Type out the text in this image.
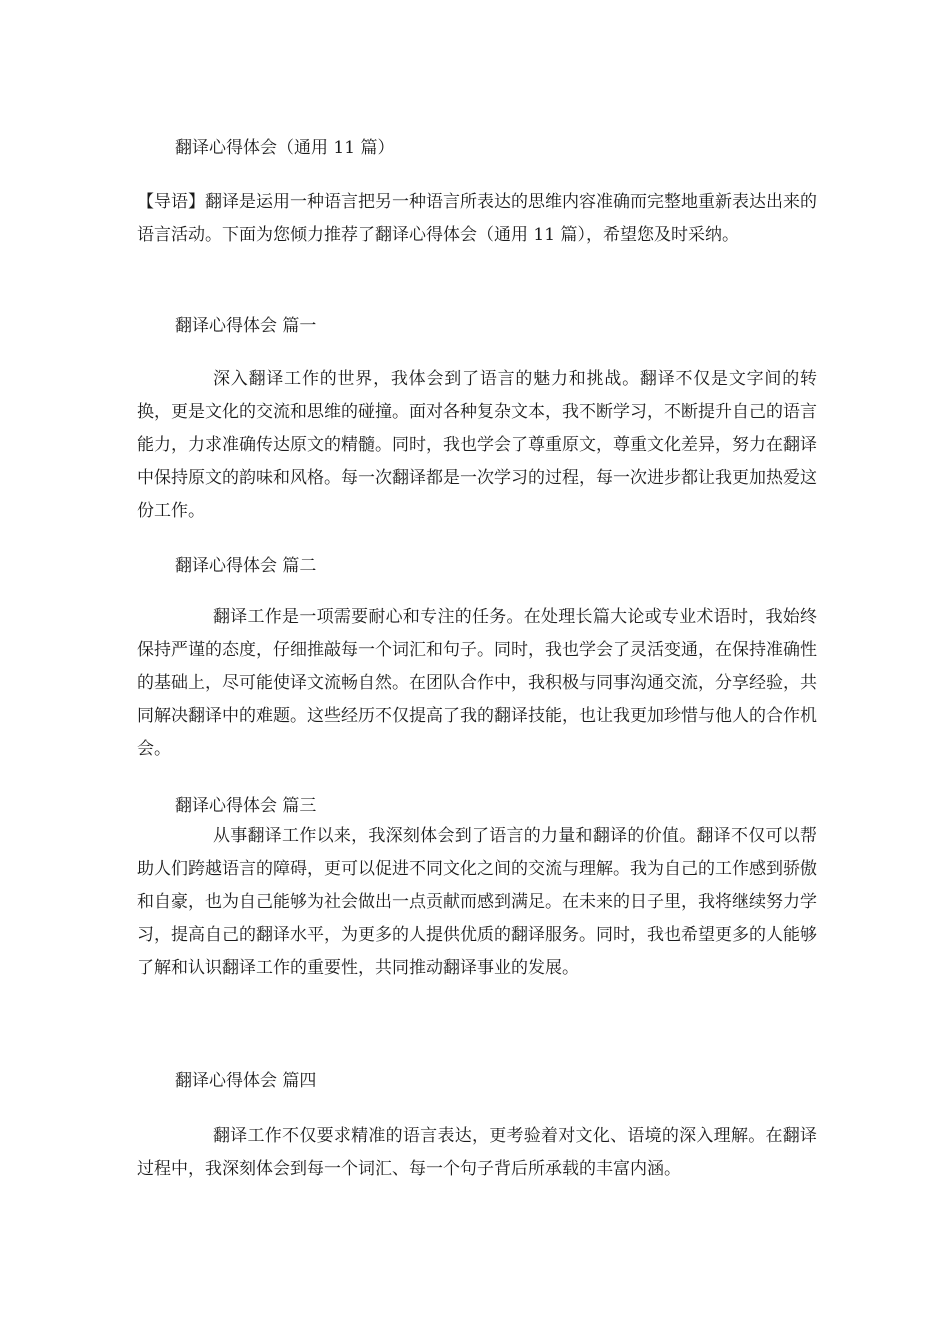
翻译心得体会（通用 11 篇）
【导语】翻译是运用一种语言把另一种语言所表达的思维内容准确而完整地重新表达出来的语言活动。下面为您倾力推荐了翻译心得体会（通用 11 篇），希望您及时采纳。
翻译心得体会 篇一
深入翻译工作的世界，我体会到了语言的魅力和挑战。翻译不仅是文字间的转换，更是文化的交流和思维的碰撞。面对各种复杂文本，我不断学习，不断提升自己的语言能力，力求准确传达原文的精髓。同时，我也学会了尊重原文，尊重文化差异，努力在翻译中保持原文的韵味和风格。每一次翻译都是一次学习的过程，每一次进步都让我更加热爱这份工作。
翻译心得体会 篇二
翻译工作是一项需要耐心和专注的任务。在处理长篇大论或专业术语时，我始终保持严谨的态度，仔细推敲每一个词汇和句子。同时，我也学会了灵活变通，在保持准确性的基础上，尽可能使译文流畅自然。在团队合作中，我积极与同事沟通交流，分享经验，共同解决翻译中的难题。这些经历不仅提高了我的翻译技能，也让我更加珍惜与他人的合作机会。
翻译心得体会 篇三
从事翻译工作以来，我深刻体会到了语言的力量和翻译的价值。翻译不仅可以帮助人们跨越语言的障碍，更可以促进不同文化之间的交流与理解。我为自己的工作感到骄傲和自豪，也为自己能够为社会做出一点贡献而感到满足。在未来的日子里，我将继续努力学习，提高自己的翻译水平，为更多的人提供优质的翻译服务。同时，我也希望更多的人能够了解和认识翻译工作的重要性，共同推动翻译事业的发展。
翻译心得体会 篇四
翻译工作不仅要求精准的语言表达，更考验着对文化、语境的深入理解。在翻译过程中，我深刻体会到每一个词汇、每一个句子背后所承载的丰富内涵。
